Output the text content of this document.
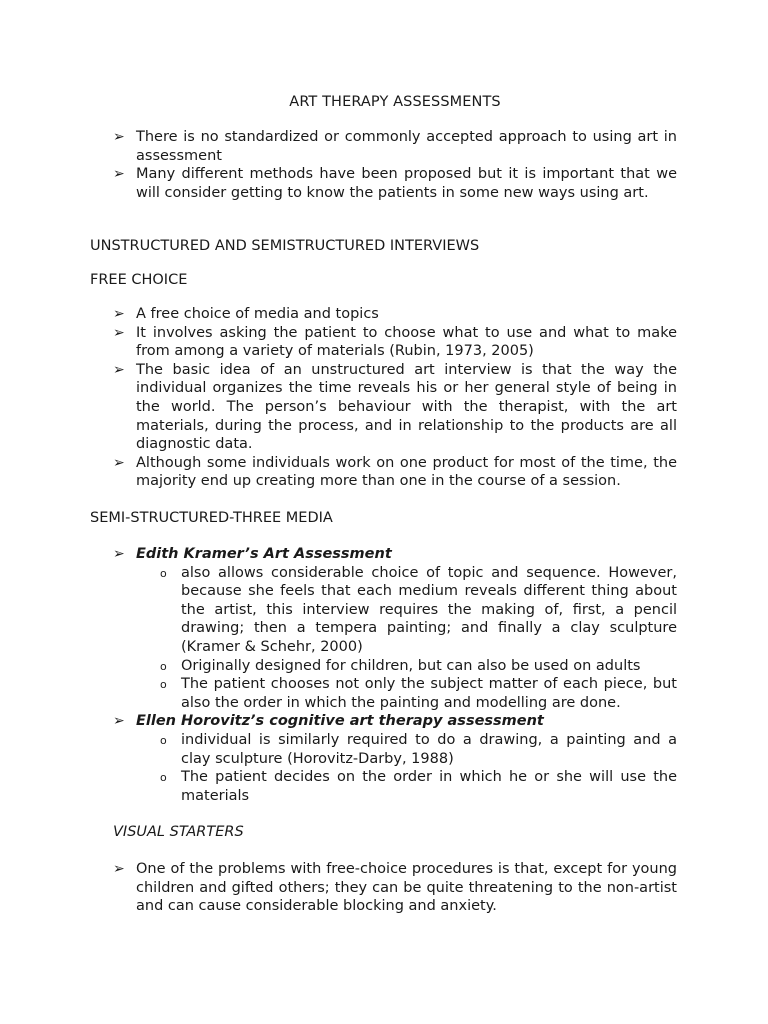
ART THERAPY ASSESSMENTS
➢ There is no standardized or commonly accepted approach to using art in assessment
➢ Many different methods have been proposed but it is important that we will consider getting to know the patients in some new ways using art.
UNSTRUCTURED AND SEMISTRUCTURED INTERVIEWS
FREE CHOICE
➢ A free choice of media and topics
➢ It involves asking the patient to choose what to use and what to make from among a variety of materials (Rubin, 1973, 2005)
➢ The basic idea of an unstructured art interview is that the way the individual organizes the time reveals his or her general style of being in the world. The person’s behaviour with the therapist, with the art materials, during the process, and in relationship to the products are all diagnostic data.
➢ Although some individuals work on one product for most of the time, the majority end up creating more than one in the course of a session.
SEMI-STRUCTURED-THREE MEDIA
➢ Edith Kramer’s Art Assessment
o also allows considerable choice of topic and sequence. However, because she feels that each medium reveals different thing about the artist, this interview requires the making of, first, a pencil drawing; then a tempera painting; and finally a clay sculpture (Kramer & Schehr, 2000)
o Originally designed for children, but can also be used on adults
o The patient chooses not only the subject matter of each piece, but also the order in which the painting and modelling are done.
➢ Ellen Horovitz’s cognitive art therapy assessment
o individual is similarly required to do a drawing, a painting and a clay sculpture (Horovitz-Darby, 1988)
o The patient decides on the order in which he or she will use the materials
VISUAL STARTERS
➢ One of the problems with free-choice procedures is that, except for young children and gifted others; they can be quite threatening to the non-artist and can cause considerable blocking and anxiety.
